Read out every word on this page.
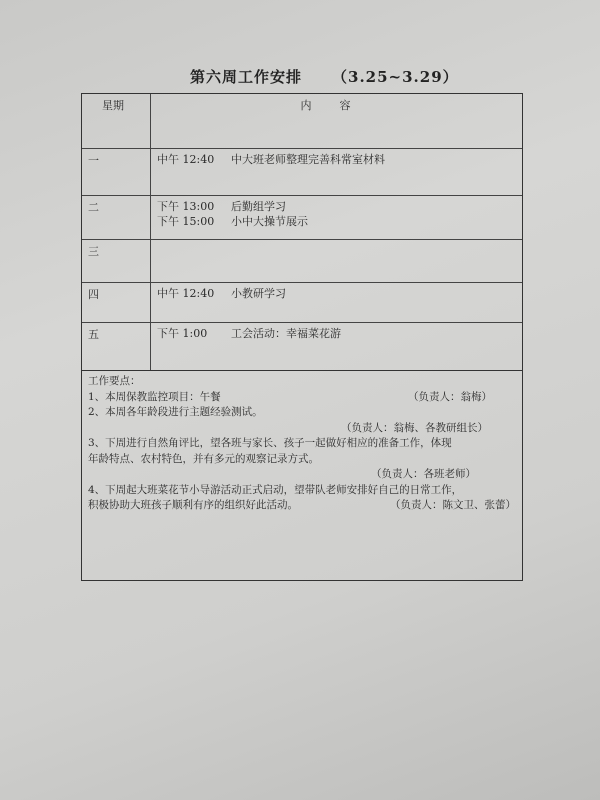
第六周工作安排 （3.25~3.29）
星期	内容
一	中午 12:40 中大班老师整理完善科常室材料
二	下午 13:00 后勤组学习
下午 15:00 小中大操节展示
三
四	中午 12:40 小教研学习
五	下午 1:00 工会活动：幸福菜花游
工作要点：
1、本周保教监控项目：午餐	（负责人：翁梅）
2、本周各年龄段进行主题经验测试。
（负责人：翁梅、各教研组长）
3、下周进行自然角评比，望各班与家长、孩子一起做好相应的准备工作，体现
年龄特点、农村特色，并有多元的观察记录方式。
（负责人：各班老师）
4、下周起大班菜花节小导游活动正式启动，望带队老师安排好自己的日常工作，
积极协助大班孩子顺利有序的组织好此活动。	（负责人：陈文卫、张蕾）
